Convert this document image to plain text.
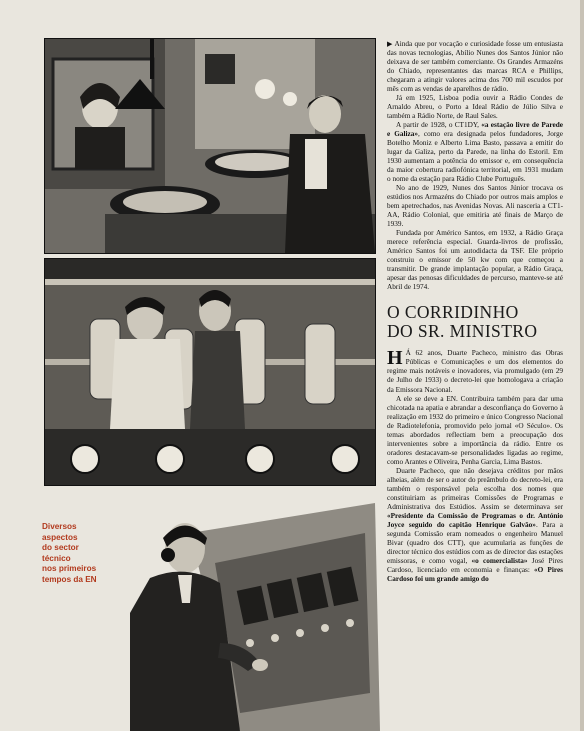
Diversos
aspectos
do sector
técnico
nos primeiros
tempos da EN

▶ Ainda que por vocação e curiosidade fosse um entusiasta das novas tecnologias, Abílio Nunes dos Santos Júnior não deixava de ser também comerciante. Os Grandes Armazéns do Chiado, representantes das marcas RCA e Phillips, chegaram a atingir valores acima dos 700 mil escudos por mês com as vendas de aparelhos de rádio.

Já em 1925, Lisboa podia ouvir a Rádio Condes de Arnaldo Abreu, o Porto a Ideal Rádio de Júlio Silva e também a Rádio Norte, de Raul Sales.

A partir de 1928, o CT1DY, «a estação livre de Parede e Galiza», como era designada pelos fundadores, Jorge Botelho Moniz e Alberto Lima Basto, passava a emitir do lugar da Galiza, perto da Parede, na linha do Estoril. Em 1930 aumentam a potência do emissor e, em consequência da maior cobertura radiofónica territorial, em 1931 mudam o nome da estação para Rádio Clube Português.

No ano de 1929, Nunes dos Santos Júnior trocava os estúdios nos Armazéns do Chiado por outros mais amplos e bem apetrechados, nas Avenidas Novas. Ali nasceria a CT1-AA, Rádio Colonial, que emitiria até finais de Março de 1939.

Fundada por Américo Santos, em 1932, a Rádio Graça merece referência especial. Guarda-livros de profissão, Américo Santos foi um autodidacta da TSF. Ele próprio construiu o emissor de 50 kw com que começou a transmitir. De grande implantação popular, a Rádio Graça, apesar das penosas dificuldades de percurso, manteve-se até Abril de 1974.

O CORRIDINHO
DO SR. MINISTRO

H Á 62 anos, Duarte Pacheco, ministro das Obras Públicas e Comunicações e um dos elementos do regime mais notáveis e inovadores, via promulgado (em 29 de Julho de 1933) o decreto-lei que homologava a criação da Emissora Nacional.

A ele se deve a EN. Contribuira também para dar uma chicotada na apatia e abrandar a desconfiança do Governo à realização em 1932 do primeiro e único Congresso Nacional de Radiotelefonia, promovido pelo jornal «O Século». Os temas abordados reflectiam bem a preocupação dos intervenientes sobre a importância da rádio. Entre os oradores destacavam-se personalidades ligadas ao regime, como Arantes e Oliveira, Penha Garcia, Lima Bastos.

Duarte Pacheco, que não desejava créditos por mãos alheias, além de ser o autor do preâmbulo do decreto-lei, era também o responsável pela escolha dos nomes que constituiriam as primeiras Comissões de Programas e Administrativa dos Estúdios. Assim se determinava ser «Presidente da Comissão de Programas o dr. António Joyce seguido do capitão Henrique Galvão». Para a segunda Comissão eram nomeados o engenheiro Manuel Bivar (quadro dos CTT), que acumularia as funções de director técnico dos estúdios com as de director das estações emissoras, e como vogal, «o comercialista» José Pires Cardoso, licenciado em economia e finanças: «O Pires Cardoso foi um grande amigo do
